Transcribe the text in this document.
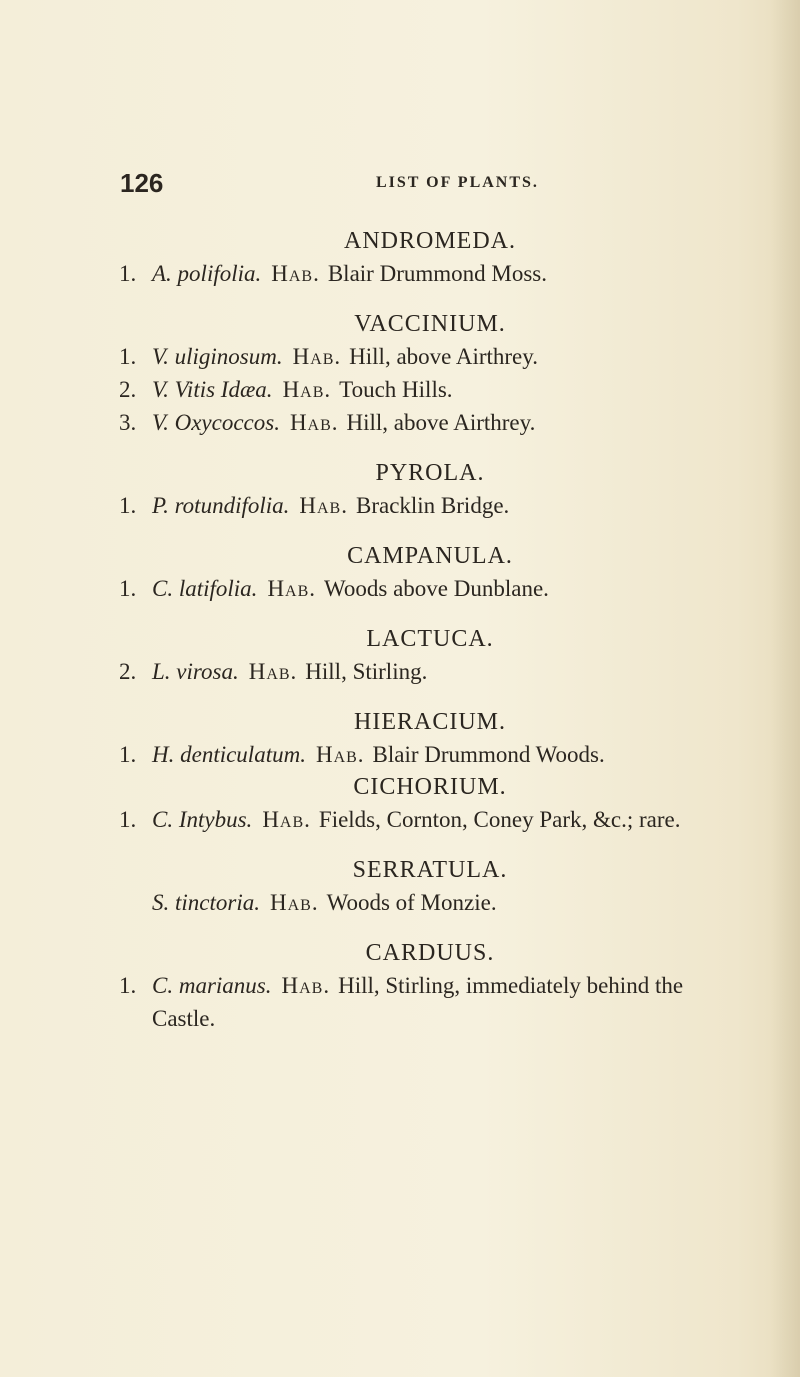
126	LIST OF PLANTS.

ANDROMEDA.

1. A. polifolia. Hab. Blair Drummond Moss.

VACCINIUM.

1. V. uliginosum. Hab. Hill, above Airthrey.

2. V. Vitis Idæa. Hab. Touch Hills.

3. V. Oxycoccos. Hab. Hill, above Airthrey.

PYROLA.

1. P. rotundifolia. Hab. Bracklin Bridge.

CAMPANULA.

1. C. latifolia. Hab. Woods above Dunblane.

LACTUCA.

2. L. virosa. Hab. Hill, Stirling.

HIERACIUM.

1. H. denticulatum. Hab. Blair Drummond Woods.

CICHORIUM.

1. C. Intybus. Hab. Fields, Cornton, Coney Park, &c.; rare.

SERRATULA.

S. tinctoria. Hab. Woods of Monzie.

CARDUUS.

1. C. marianus. Hab. Hill, Stirling, immediately behind the Castle.
